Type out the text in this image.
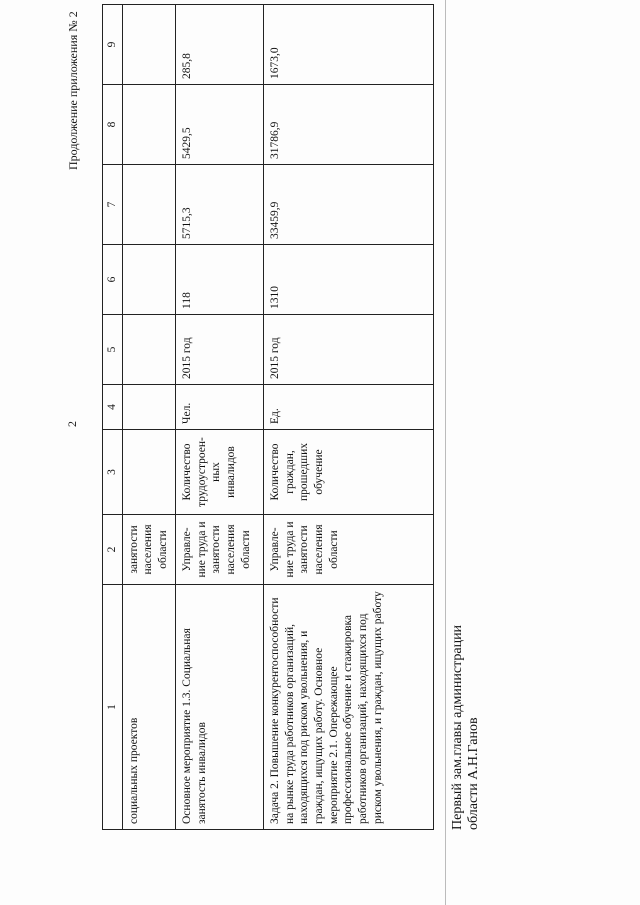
Продолжение приложения № 2
2
1	2	3	4	5	6	7	8	9
социальных проектов	занятости населения области							
Основное мероприятие 1.3. Социальная занятость инвалидов	Управле-ние труда и занятости населения области	Количество трудоустроен-ных инвалидов	Чел.	2015 год	118	5715,3	5429,5	285,8
Задача 2. Повышение конкурентоспособности на рынке труда работников организаций, находящихся под риском увольнения, и граждан, ищущих работу. Основное мероприятие 2.1. Опережающее профессиональное обучение и стажировка работников организаций, находящихся под риском увольнения, и граждан, ищущих работу	Управле-ние труда и занятости населения области	Количество граждан, прошедших обучение	Ед.	2015 год	1310	33459,9	31786,9	1673,0
Первый зам.главы администрации области А.Н.Ганов
